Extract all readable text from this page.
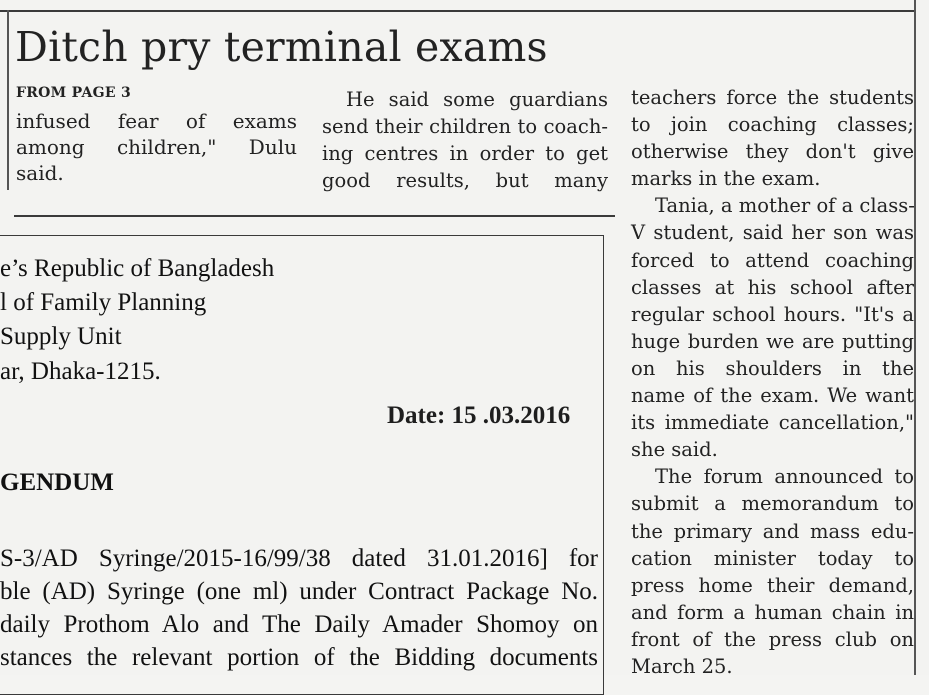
Ditch pry terminal exams
FROM PAGE 3
infused fear of exams
among children," Dulu
said.
He said some guardians
send their children to coach-
ing centres in order to get
good results, but many
teachers force the students
to join coaching classes;
otherwise they don't give
marks in the exam.
Tania, a mother of a class-
V student, said her son was
forced to attend coaching
classes at his school after
regular school hours. "It's a
huge burden we are putting
on his shoulders in the
name of the exam. We want
its immediate cancellation,"
she said.
The forum announced to
submit a memorandum to
the primary and mass edu-
cation minister today to
press home their demand,
and form a human chain in
front of the press club on
March 25.
e’s Republic of Bangladesh
l of Family Planning
Supply Unit
ar, Dhaka-1215.
Date: 15 .03.2016
GENDUM
S-3/AD Syringe/2015-16/99/38 dated 31.01.2016] for
ble (AD) Syringe (one ml) under Contract Package No.
daily Prothom Alo and The Daily Amader Shomoy on
stances the relevant portion of the Bidding documents
